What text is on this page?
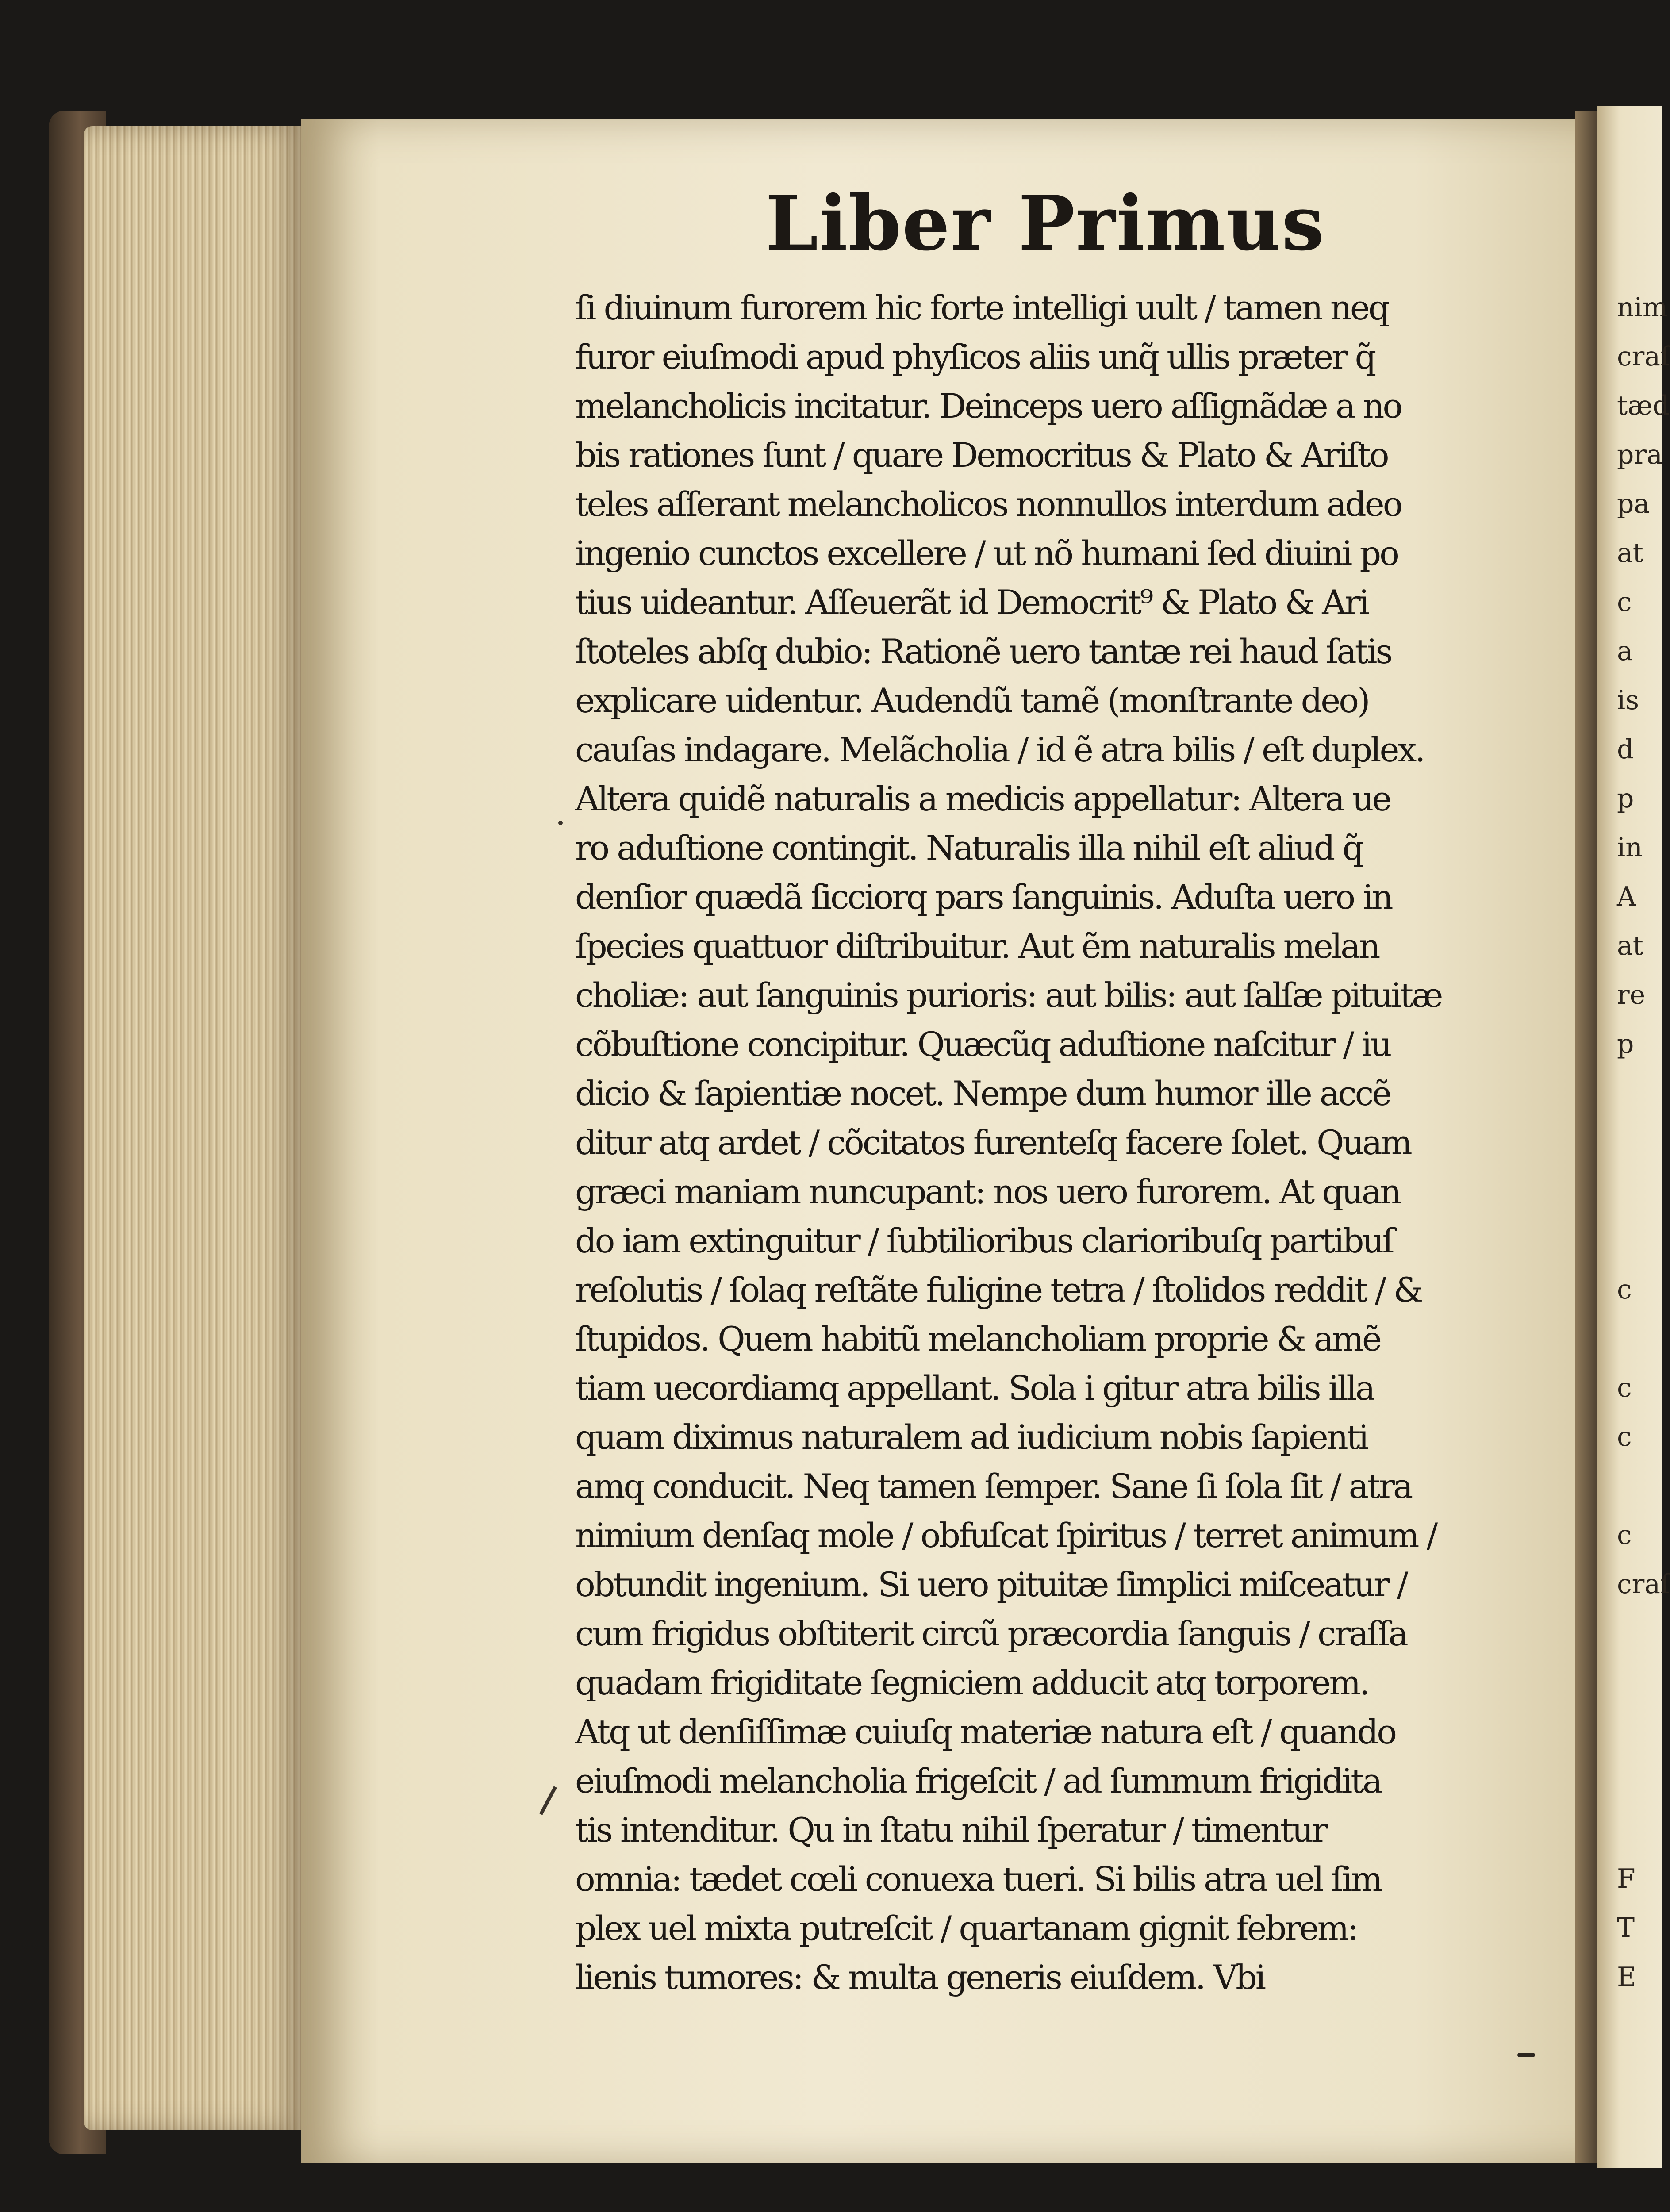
Liber Primus
ſi diuinum furorem hic forte intelligi uult / tamen neq
furor eiuſmodi apud phyſicos aliis unq̃ ullis præter q̃
melancholicis incitatur. Deinceps uero aſſignãdæ a no
bis rationes ſunt / quare Democritus & Plato & Ariſto
teles aſſerant melancholicos nonnullos interdum adeo
ingenio cunctos excellere / ut nõ humani ſed diuini po
tius uideantur. Aſſeuerãt id Democrit⁹ & Plato & Ari
ſtoteles abſq dubio: Rationẽ uero tantæ rei haud ſatis
explicare uidentur. Audendũ tamẽ (monſtrante deo)
cauſas indagare. Melãcholia / id ẽ atra bilis / eſt duplex.
Altera quidẽ naturalis a medicis appellatur: Altera ue
ro aduſtione contingit. Naturalis illa nihil eſt aliud q̃
denſior quædã ſicciorq pars ſanguinis. Aduſta uero in
ſpecies quattuor diſtribuitur. Aut ẽm naturalis melan
choliæ: aut ſanguinis purioris: aut bilis: aut ſalſæ pituitæ
cõbuſtione concipitur. Quæcũq aduſtione naſcitur / iu
dicio & ſapientiæ nocet. Nempe dum humor ille accẽ
ditur atq ardet / cõcitatos furenteſq facere ſolet. Quam
græci maniam nuncupant: nos uero furorem. At quan
do iam extinguitur / ſubtilioribus clarioribuſq partibuſ
reſolutis / ſolaq reſtãte fuligine tetra / ſtolidos reddit / &
ſtupidos. Quem habitũ melancholiam proprie & amẽ
tiam uecordiamq appellant. Sola i gitur atra bilis illa
quam diximus naturalem ad iudicium nobis ſapienti
amq conducit. Neq tamen ſemper. Sane ſi ſola ſit / atra
nimium denſaq mole / obfuſcat ſpiritus / terret animum /
obtundit ingenium. Si uero pituitæ ſimplici miſceatur /
cum frigidus obſtiterit circũ præcordia ſanguis / craſſa
quadam frigiditate ſegniciem adducit atq torporem.
Atq ut denſiſſimæ cuiuſq materiæ natura eſt / quando
eiuſmodi melancholia frigeſcit / ad ſummum frigidita
tis intenditur. Qu in ſtatu nihil ſperatur / timentur
omnia: tædet cœli conuexa tueri. Si bilis atra uel ſim
plex uel mixta putreſcit / quartanam gignit febrem:
lienis tumores: & multa generis eiuſdem. Vbi
nim
craſ
tæd
pra
pa
at
c
a
is
d
p
in
A
at
re
p
c
c
c
c
craſ
F
T
E
